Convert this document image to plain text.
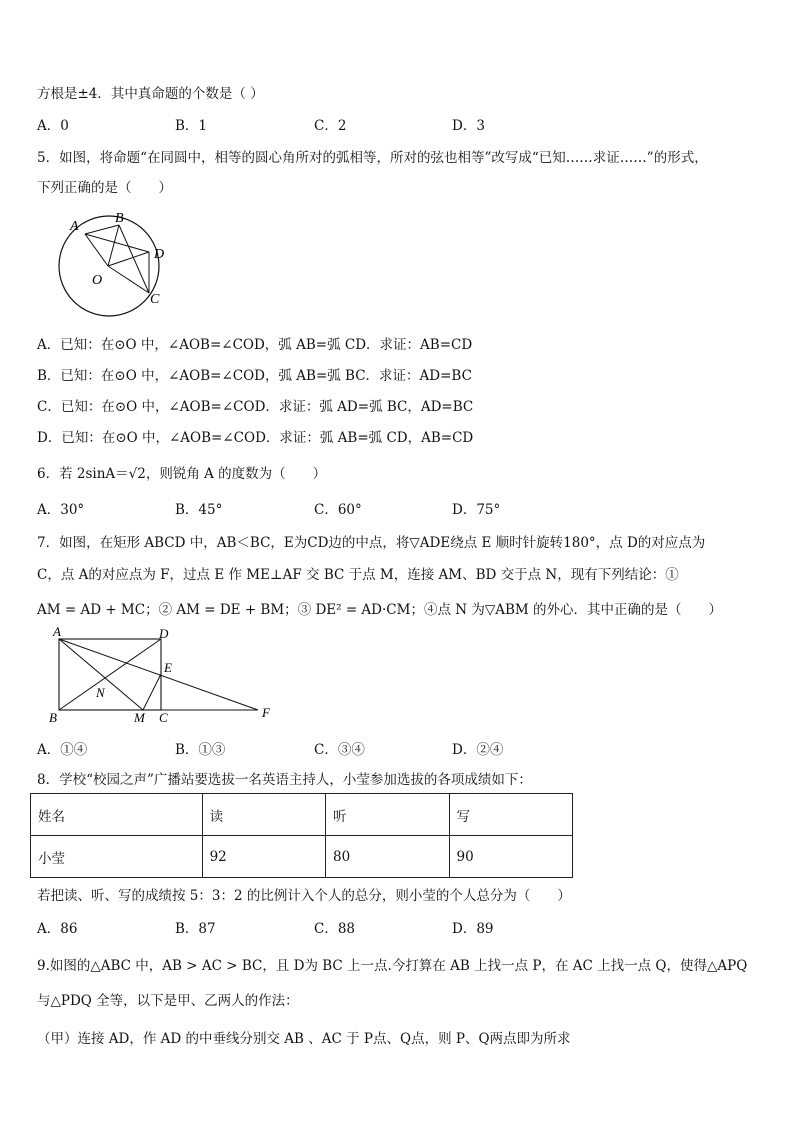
方根是±4．其中真命题的个数是（ ）
A．0	B．1	C．2	D．3
5．如图，将命题“在同圆中，相等的圆心角所对的弧相等，所对的弦也相等”改写成“已知……求证……”的形式，
下列正确的是（　　）
A
B
O
D
C
A．已知：在⊙O 中，∠AOB=∠COD，弧 AB=弧 CD．求证：AB=CD
B．已知：在⊙O 中，∠AOB=∠COD，弧 AB=弧 BC．求证：AD=BC
C．已知：在⊙O 中，∠AOB=∠COD．求证：弧 AD=弧 BC，AD=BC
D．已知：在⊙O 中，∠AOB=∠COD．求证：弧 AB=弧 CD，AB=CD
6．若 2sinA＝√2，则锐角 A 的度数为（　　）
A．30°	B．45°	C．60°	D．75°
7．如图，在矩形 ABCD 中，AB＜BC，E为CD边的中点，将▽ADE绕点 E 顺时针旋转180°，点 D的对应点为
C，点 A的对应点为 F，过点 E 作 ME⊥AF 交 BC 于点 M，连接 AM、BD 交于点 N，现有下列结论：①
AM = AD + MC；② AM = DE + BM；③ DE² = AD·CM；④点 N 为▽ABM 的外心．其中正确的是（　　）
A	D
E
N
B	M C	F
A．①④	B．①③	C．③④	D．②④
8．学校“校园之声”广播站要选拔一名英语主持人，小莹参加选拔的各项成绩如下：
姓名	读	听	写
小莹	92	80	90
若把读、听、写的成绩按 5：3：2 的比例计入个人的总分，则小莹的个人总分为（　　）
A．86	B．87	C．88	D．89
9.如图的△ABC 中，AB > AC > BC，且 D为 BC 上一点.今打算在 AB 上找一点 P，在 AC 上找一点 Q，使得△APQ
与△PDQ 全等，以下是甲、乙两人的作法：
（甲）连接 AD，作 AD 的中垂线分别交 AB 、AC 于 P点、Q点，则 P、Q两点即为所求
